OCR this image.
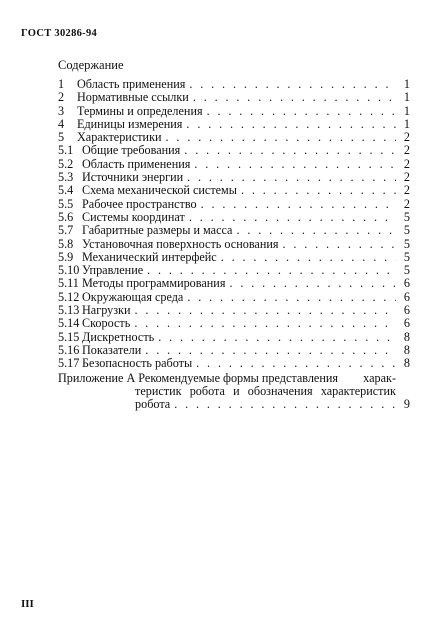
ГОСТ 30286-94
Содержание
1	Область применения . . .	1
2	Нормативные ссылки . . .	1
3	Термины и определения . . .	1
4	Единицы измерения . . .	1
5	Характеристики . . .	2
5.1 Общие требования . . .	2
5.2 Область применения . . .	2
5.3 Источники энергии . . .	2
5.4 Схема механической системы . . .	2
5.5 Рабочее пространство . . .	2
5.6 Системы координат . . .	5
5.7 Габаритные размеры и масса . . .	5
5.8 Установочная поверхность основания . . .	5
5.9 Механический интерфейс . . .	5
5.10 Управление . . .	5
5.11 Методы программирования . . .	6
5.12 Окружающая среда . . .	6
5.13 Нагрузки . . .	6
5.14 Скорость . . .	6
5.15 Дискретность . . .	8
5.16 Показатели . . .	8
5.17 Безопасность работы . . .	8
Приложение А Рекомендуемые формы представления харак-
теристик робота и обозначения характеристик
робота . . .	9
III
